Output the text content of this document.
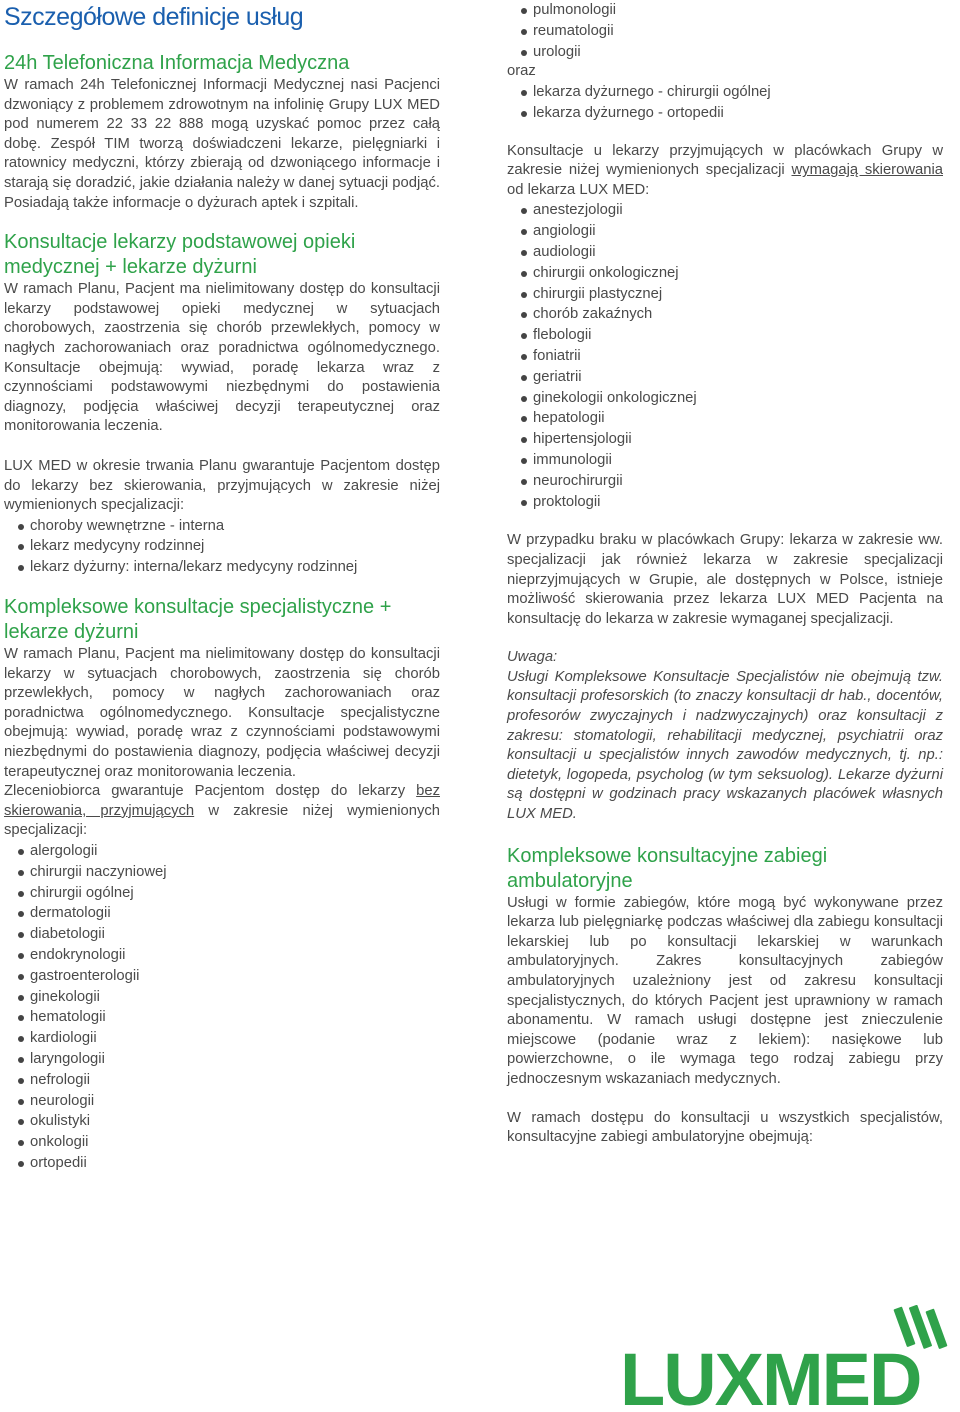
Szczegółowe definicje usług
24h Telefoniczna Informacja Medyczna

W ramach 24h Telefonicznej Informacji Medycznej nasi Pacjenci dzwoniący z problemem zdrowotnym na infolinię Grupy LUX MED pod numerem 22 33 22 888 mogą uzyskać pomoc przez całą dobę. Zespół TIM tworzą doświadczeni lekarze, pielęgniarki i ratownicy medyczni, którzy zbierają od dzwoniącego informacje i starają się doradzić, jakie działania należy w danej sytuacji podjąć. Posiadają także informacje o dyżurach aptek i szpitali.

Konsultacje lekarzy podstawowej opieki medycznej + lekarze dyżurni

W ramach Planu, Pacjent ma nielimitowany dostęp do konsultacji lekarzy podstawowej opieki medycznej w sytuacjach chorobowych, zaostrzenia się chorób przewlekłych, pomocy w nagłych zachorowaniach oraz poradnictwa ogólnomedycznego. Konsultacje obejmują: wywiad, poradę lekarza wraz z czynnościami podstawowymi niezbędnymi do postawienia diagnozy, podjęcia właściwej decyzji terapeutycznej oraz monitorowania leczenia.

LUX MED w okresie trwania Planu gwarantuje Pacjentom dostęp do lekarzy bez skierowania, przyjmujących w zakresie niżej wymienionych specjalizacji:

choroby wewnętrzne - interna
lekarz medycyny rodzinnej
lekarz dyżurny: interna/lekarz medycyny rodzinnej
Kompleksowe konsultacje specjalistyczne + lekarze dyżurni

W ramach Planu, Pacjent ma nielimitowany dostęp do konsultacji lekarzy w sytuacjach chorobowych, zaostrzenia się chorób przewlekłych, pomocy w nagłych zachorowaniach oraz poradnictwa ogólnomedycznego. Konsultacje specjalistyczne obejmują: wywiad, poradę wraz z czynnościami podstawowymi niezbędnymi do postawienia diagnozy, podjęcia właściwej decyzji terapeutycznej oraz monitorowania leczenia.

Zleceniobiorca gwarantuje Pacjentom dostęp do lekarzy bez skierowania, przyjmujących w zakresie niżej wymienionych specjalizacji:

alergologii
chirurgii naczyniowej
chirurgii ogólnej
dermatologii
diabetologii
endokrynologii
gastroenterologii
ginekologii
hematologii
kardiologii
laryngologii
nefrologii
neurologii
okulistyki
onkologii
ortopedii
pulmonologii
reumatologii
urologii

oraz

lekarza dyżurnego - chirurgii ogólnej
lekarza dyżurnego - ortopedii

Konsultacje u lekarzy przyjmujących w placówkach Grupy w zakresie niżej wymienionych specjalizacji wymagają skierowania od lekarza LUX MED:

anestezjologii
angiologii
audiologii
chirurgii onkologicznej
chirurgii plastycznej
chorób zakaźnych
flebologii
foniatrii
geriatrii
ginekologii onkologicznej
hepatologii
hipertensjologii
immunologii
neurochirurgii
proktologii

W przypadku braku w placówkach Grupy: lekarza w zakresie ww. specjalizacji jak również lekarza w zakresie specjalizacji nieprzyjmujących w Grupie, ale dostępnych w Polsce, istnieje możliwość skierowania przez lekarza LUX MED Pacjenta na konsultację do lekarza w zakresie wymaganej specjalizacji.

Uwaga:

Usługi Kompleksowe Konsultacje Specjalistów nie obejmują tzw. konsultacji profesorskich (to znaczy konsultacji dr hab., docentów, profesorów zwyczajnych i nadzwyczajnych) oraz konsultacji z zakresu: stomatologii, rehabilitacji medycznej, psychiatrii oraz konsultacji u specjalistów innych zawodów medycznych, tj. np.: dietetyk, logopeda, psycholog (w tym seksuolog). Lekarze dyżurni są dostępni w godzinach pracy wskazanych placówek własnych LUX MED.

Kompleksowe konsultacyjne zabiegi ambulatoryjne

Usługi w formie zabiegów, które mogą być wykonywane przez lekarza lub pielęgniarkę podczas właściwej dla zabiegu konsultacji lekarskiej lub po konsultacji lekarskiej w warunkach ambulatoryjnych. Zakres konsultacyjnych zabiegów ambulatoryjnych uzależniony jest od zakresu konsultacji specjalistycznych, do których Pacjent jest uprawniony w ramach abonamentu. W ramach usługi dostępne jest znieczulenie miejscowe (podanie wraz z lekiem): nasiękowe lub powierzchowne, o ile wymaga tego rodzaj zabiegu przy jednoczesnym wskazaniach medycznych.

W ramach dostępu do konsultacji u wszystkich specjalistów, konsultacyjne zabiegi ambulatoryjne obejmują:

LUXMED
